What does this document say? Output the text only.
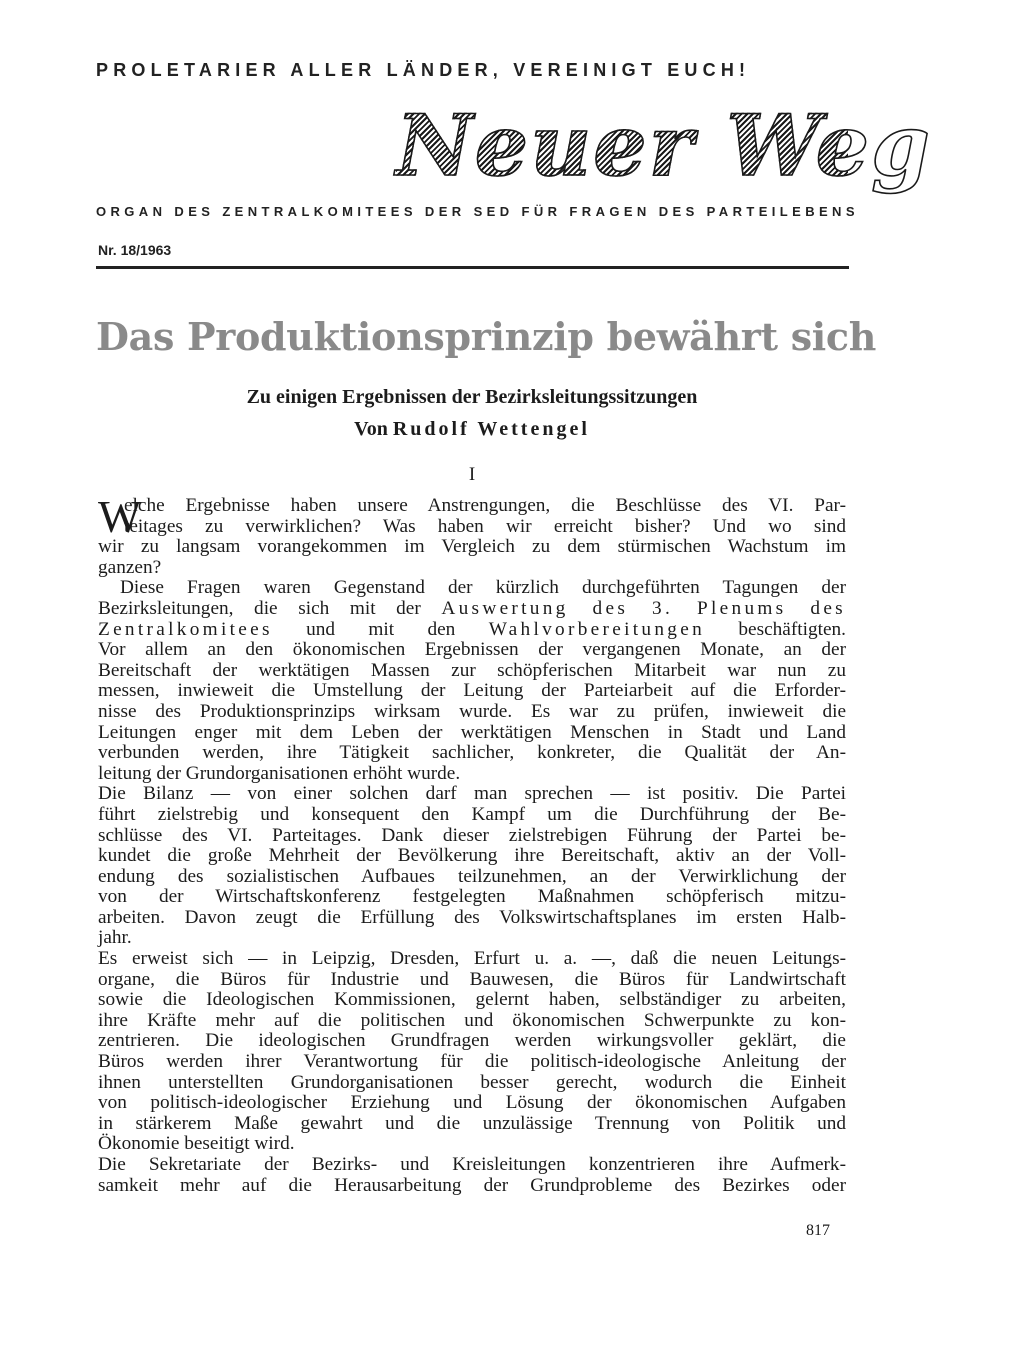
PROLETARIER ALLER LÄNDER, VEREINIGT EUCH!
Neuer Weg
ORGAN DES ZENTRALKOMITEES DER SED FÜR FRAGEN DES PARTEILEBENS
Nr. 18/1963
Das Produktionsprinzip bewährt sich
Zu einigen Ergebnissen der Bezirksleitungssitzungen
Von Rudolf Wettengel
I
W
elche Ergebnisse haben unsere Anstrengungen, die Beschlüsse des VI. Par-
teitages zu verwirklichen? Was haben wir erreicht bisher? Und wo sind
wir zu langsam vorangekommen im Vergleich zu dem stürmischen Wachstum im
ganzen?
Diese Fragen waren Gegenstand der kürzlich durchgeführten Tagungen der
Bezirksleitungen, die sich mit der Auswertung des 3. Plenums des
Zentralkomitees und mit den Wahlvorbereitungen beschäftigten.
Vor allem an den ökonomischen Ergebnissen der vergangenen Monate, an der
Bereitschaft der werktätigen Massen zur schöpferischen Mitarbeit war nun zu
messen, inwieweit die Umstellung der Leitung der Parteiarbeit auf die Erforder-
nisse des Produktionsprinzips wirksam wurde. Es war zu prüfen, inwieweit die
Leitungen enger mit dem Leben der werktätigen Menschen in Stadt und Land
verbunden werden, ihre Tätigkeit sachlicher, konkreter, die Qualität der An-
leitung der Grundorganisationen erhöht wurde.
Die Bilanz — von einer solchen darf man sprechen — ist positiv. Die Partei
führt zielstrebig und konsequent den Kampf um die Durchführung der Be-
schlüsse des VI. Parteitages. Dank dieser zielstrebigen Führung der Partei be-
kundet die große Mehrheit der Bevölkerung ihre Bereitschaft, aktiv an der Voll-
endung des sozialistischen Aufbaues teilzunehmen, an der Verwirklichung der
von der Wirtschaftskonferenz festgelegten Maßnahmen schöpferisch mitzu-
arbeiten. Davon zeugt die Erfüllung des Volkswirtschaftsplanes im ersten Halb-
jahr.
Es erweist sich — in Leipzig, Dresden, Erfurt u. a. —, daß die neuen Leitungs-
organe, die Büros für Industrie und Bauwesen, die Büros für Landwirtschaft
sowie die Ideologischen Kommissionen, gelernt haben, selbständiger zu arbeiten,
ihre Kräfte mehr auf die politischen und ökonomischen Schwerpunkte zu kon-
zentrieren. Die ideologischen Grundfragen werden wirkungsvoller geklärt, die
Büros werden ihrer Verantwortung für die politisch-ideologische Anleitung der
ihnen unterstellten Grundorganisationen besser gerecht, wodurch die Einheit
von politisch-ideologischer Erziehung und Lösung der ökonomischen Aufgaben
in stärkerem Maße gewahrt und die unzulässige Trennung von Politik und
Ökonomie beseitigt wird.
Die Sekretariate der Bezirks- und Kreisleitungen konzentrieren ihre Aufmerk-
samkeit mehr auf die Herausarbeitung der Grundprobleme des Bezirkes oder
817
